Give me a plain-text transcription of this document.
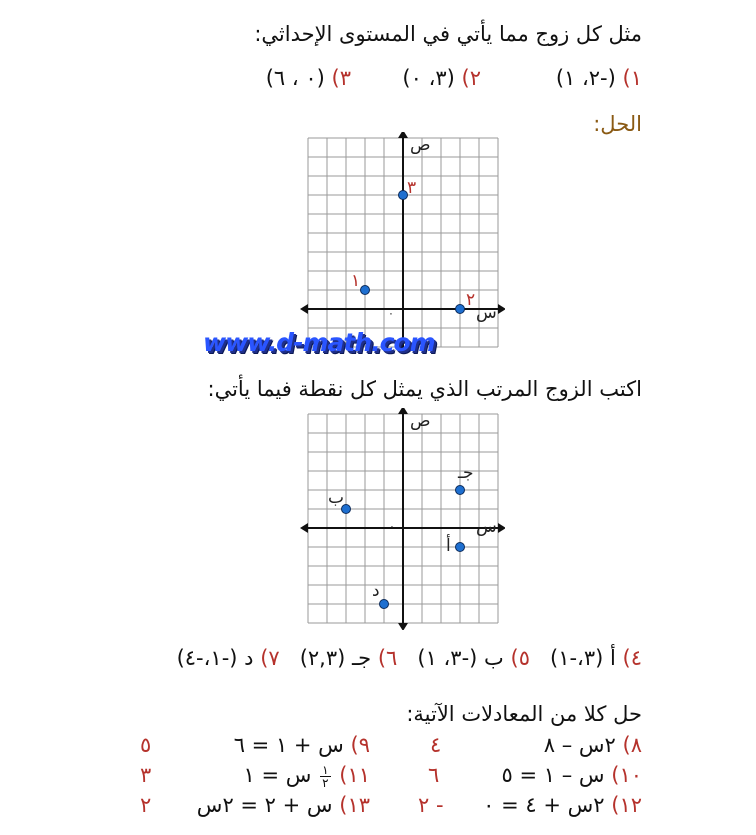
مثل كل زوج مما يأتي في المستوى الإحداثي:
١) (-٢، ١)
٢) (٣، ٠)
٣) (٠ ، ٦)
الحل:
ص
س
٠
١
٢
٣
www.d-math.com
اكتب الزوج المرتب الذي يمثل كل نقطة فيما يأتي:
ص
س
٠
أ
ب
جـ
د
٤) أ (٣،-١)   ٥) ب (-٣، ١)   ٦) جـ (٢,٣)   ٧) د (-١،-٤)
حل كلا من المعادلات الآتية:
٨) ٢س – ٨
٤
٩) س + ١ = ٦
٥
١٠) س – ١ = ٥
٦
١١)
١
٢
س = ١
٣
١٢) ٢س + ٤ = ٠
- ٢
١٣) س + ٢ = ٢س
٢
